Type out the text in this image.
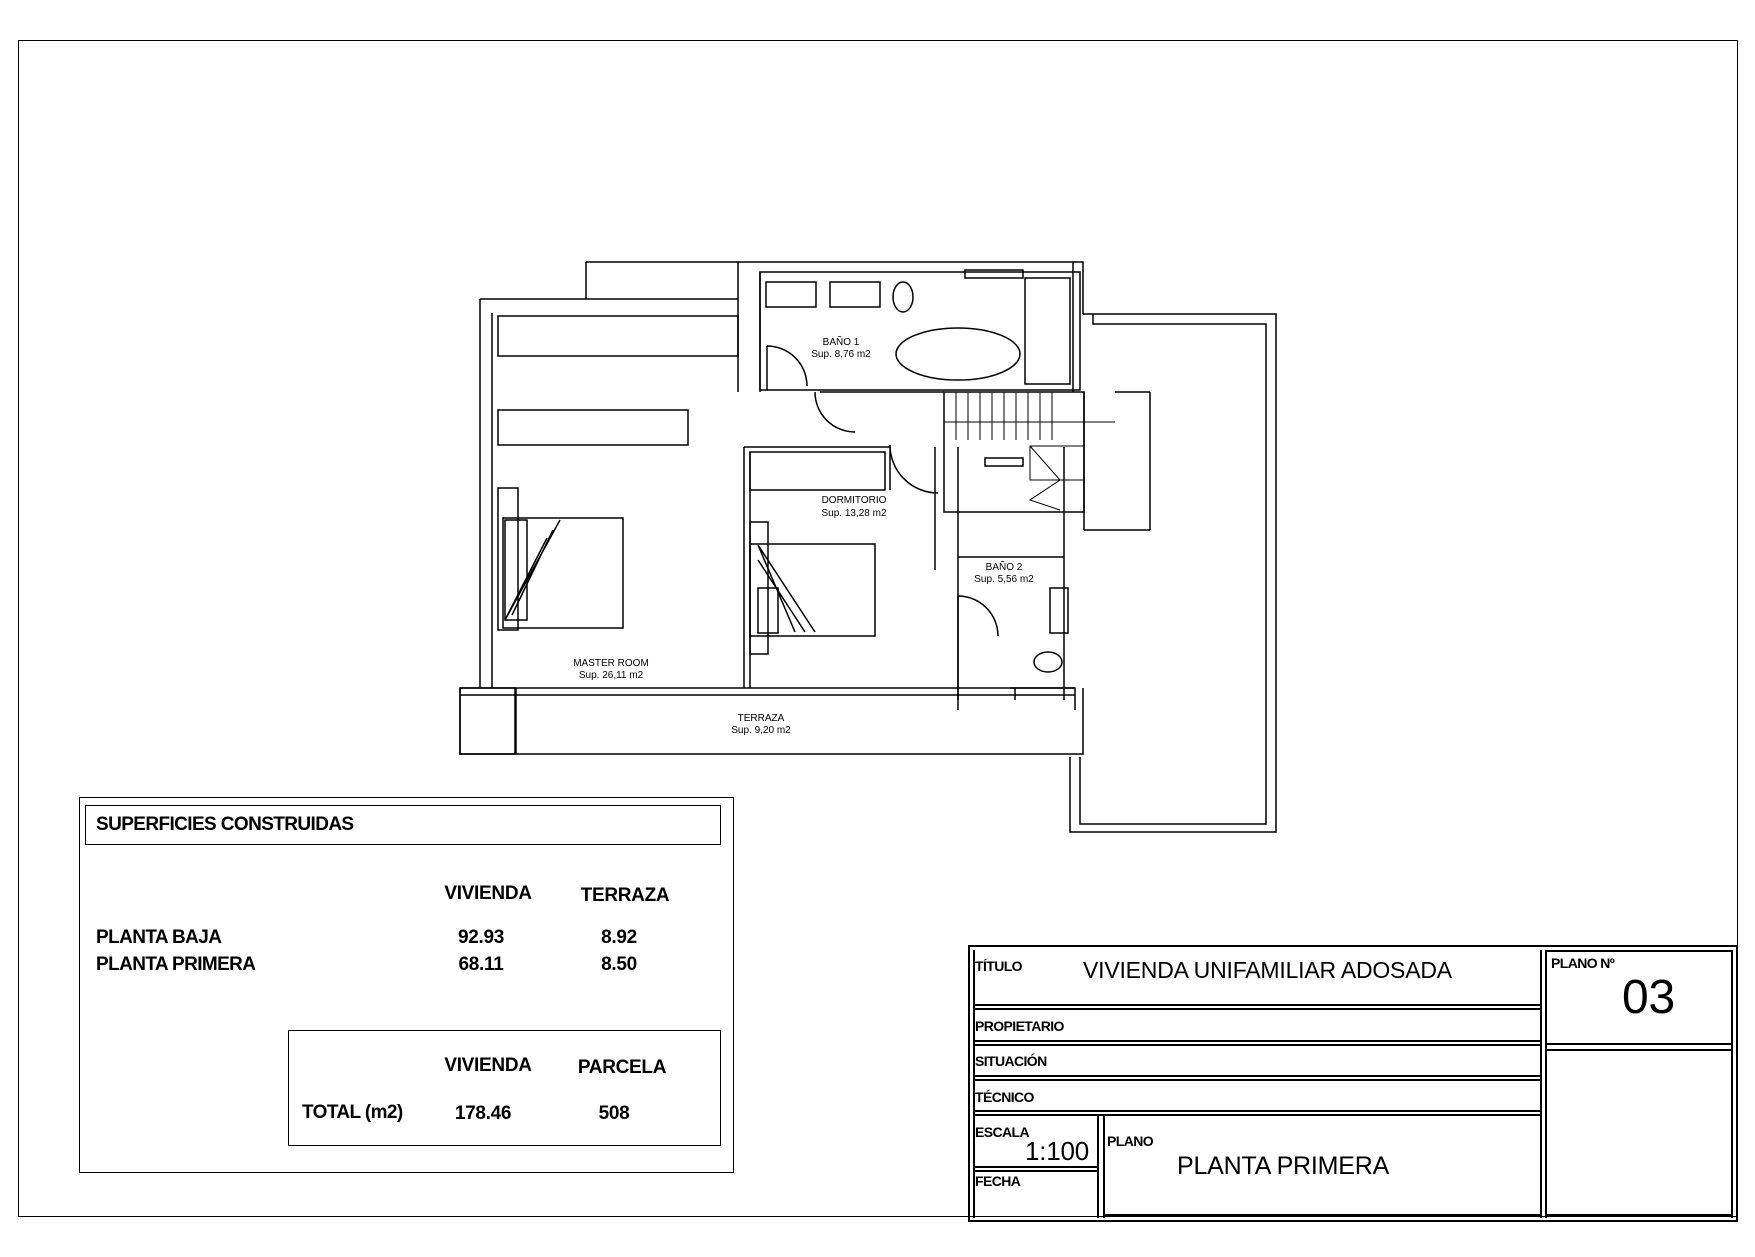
BAÑO 1
Sup. 8,76 m2
DORMITORIO
Sup. 13,28 m2
BAÑO 2
Sup. 5,56 m2
MASTER ROOM
Sup. 26,11 m2
TERRAZA
Sup. 9,20 m2
SUPERFICIES CONSTRUIDAS
VIVIENDA	TERRAZA
PLANTA BAJA	92.93	8.92
PLANTA PRIMERA	68.11	8.50
VIVIENDA	PARCELA
TOTAL (m2)	178.46	508
TÍTULO	VIVIENDA UNIFAMILIAR ADOSADA	PLANO Nº
03
PROPIETARIO
SITUACIÓN
TÉCNICO
ESCALA
1:100
FECHA
PLANO
PLANTA PRIMERA
